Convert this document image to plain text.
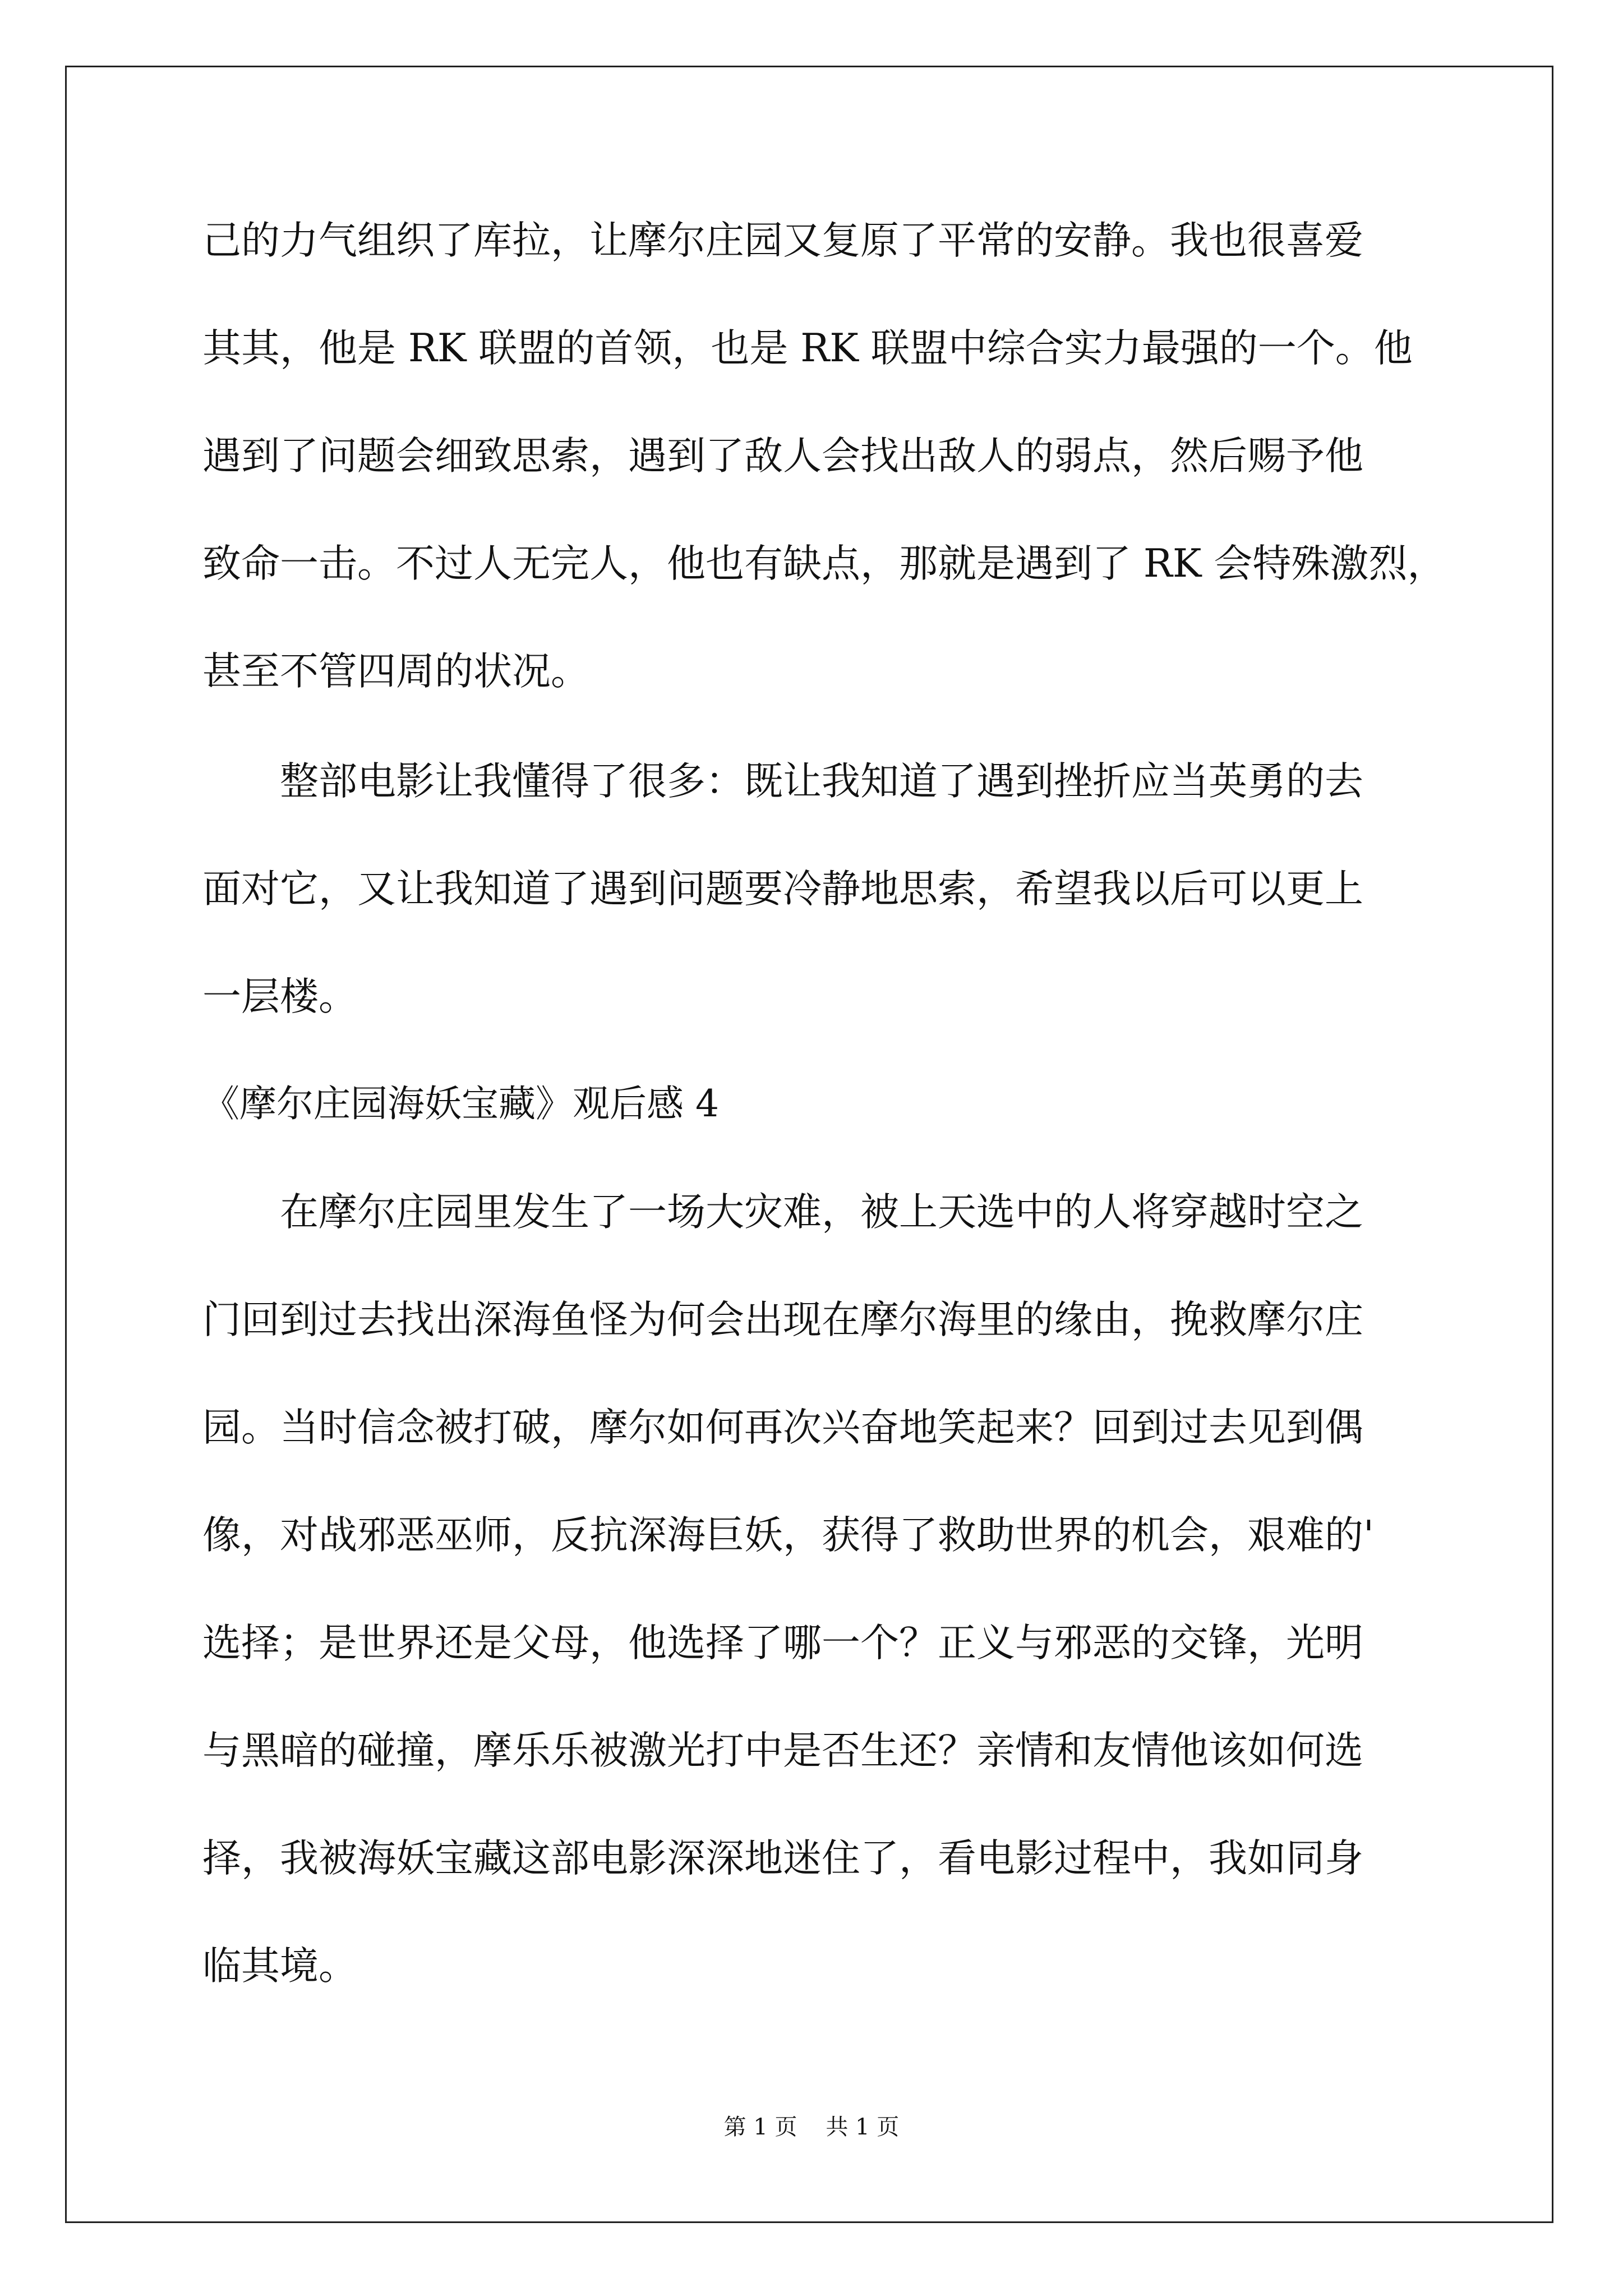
己的力气组织了库拉，让摩尔庄园又复原了平常的安静。我也很喜爱
其其，他是 RK 联盟的首领，也是 RK 联盟中综合实力最强的一个。他
遇到了问题会细致思索，遇到了敌人会找出敌人的弱点，然后赐予他
致命一击。不过人无完人，他也有缺点，那就是遇到了 RK 会特殊激烈，
甚至不管四周的状况。
整部电影让我懂得了很多：既让我知道了遇到挫折应当英勇的去
面对它，又让我知道了遇到问题要冷静地思索，希望我以后可以更上
一层楼。
《摩尔庄园海妖宝藏》观后感 4
在摩尔庄园里发生了一场大灾难，被上天选中的人将穿越时空之
门回到过去找出深海鱼怪为何会出现在摩尔海里的缘由，挽救摩尔庄
园。当时信念被打破，摩尔如何再次兴奋地笑起来？回到过去见到偶
像，对战邪恶巫师，反抗深海巨妖，获得了救助世界的机会，艰难的'
选择；是世界还是父母，他选择了哪一个？正义与邪恶的交锋，光明
与黑暗的碰撞，摩乐乐被激光打中是否生还？亲情和友情他该如何选
择，我被海妖宝藏这部电影深深地迷住了，看电影过程中，我如同身
临其境。
第 1 页 共 1 页
